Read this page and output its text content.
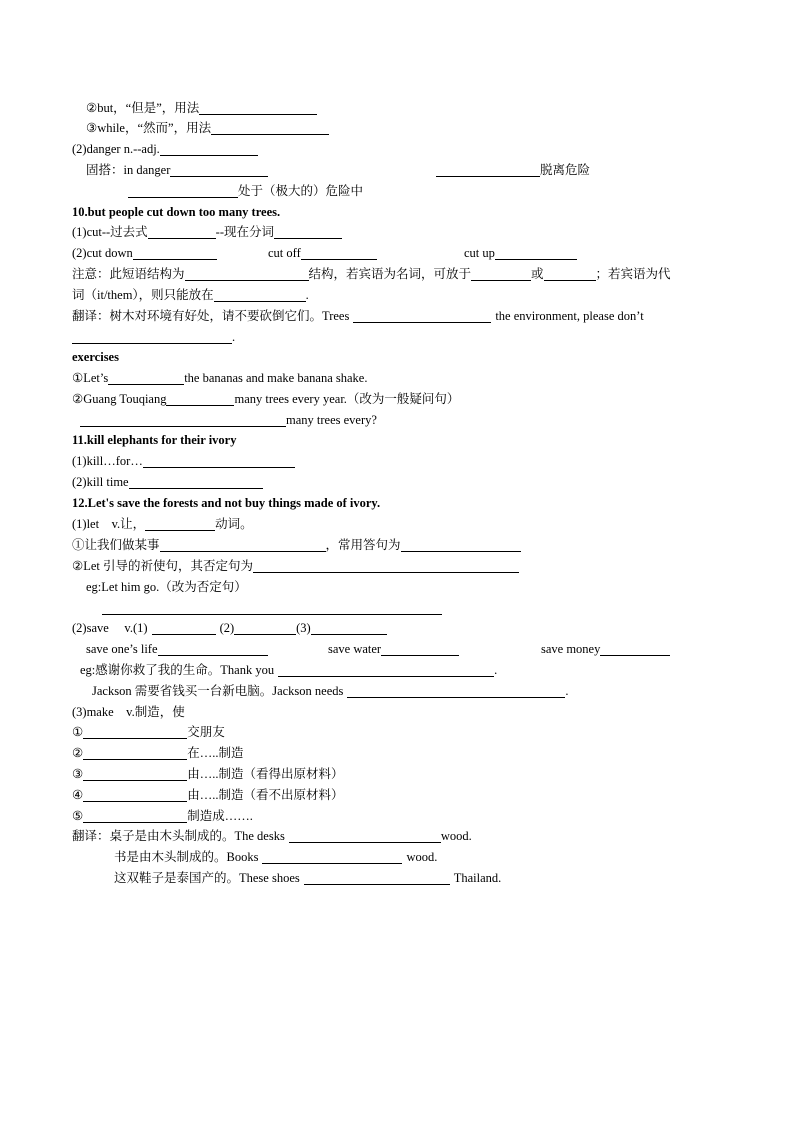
②but，“但是”，用法
③while，“然而”，用法
(2)danger n.--adj.
固搭：in danger	脱离危险
处于（极大的）危险中
10.but people cut down too many trees.
(1)cut--过去式	--现在分词
(2)cut down	cut off	cut up
注意：此短语结构为	结构，若宾语为名词，可放于	或	；若宾语为代
词（it/them），则只能放在	.
翻译：树木对环境有好处，请不要砍倒它们。Trees	the environment, please don’t
.
exercises
①Let’s	the bananas and make banana shake.
②Guang Touqiang	many trees every year.（改为一般疑问句）
many trees every?
11.kill elephants for their ivory
(1)kill…for…
(2)kill time
12.Let's save the forests and not buy things made of ivory.
(1)let　v.让，	动词。
①让我们做某事	，常用答句为
②Let 引导的祈使句，其否定句为
eg:Let him go.（改为否定句）
(2)save　 v.(1)	(2)	(3)
save one’s life	save water	save money
eg:感谢你救了我的生命。Thank you	.
Jackson 需要省钱买一台新电脑。Jackson needs	.
(3)make　v.制造，使
①	交朋友
②	在…..制造
③	由…..制造（看得出原材料）
④	由…..制造（看不出原材料）
⑤	制造成…….
翻译：桌子是由木头制成的。The desks	wood.
书是由木头制成的。Books	wood.
这双鞋子是泰国产的。These shoes	Thailand.
